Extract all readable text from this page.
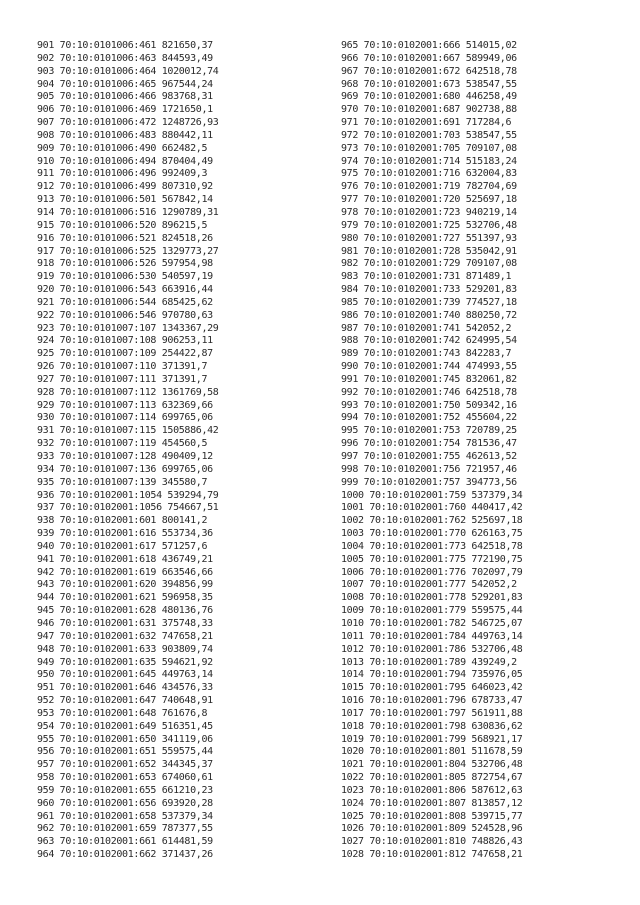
901 70:10:0101006:461 821650,37
902 70:10:0101006:463 844593,49
903 70:10:0101006:464 1020012,74
904 70:10:0101006:465 967544,24
905 70:10:0101006:466 983768,31
906 70:10:0101006:469 1721650,1
907 70:10:0101006:472 1248726,93
908 70:10:0101006:483 880442,11
909 70:10:0101006:490 662482,5
910 70:10:0101006:494 870404,49
911 70:10:0101006:496 992409,3
912 70:10:0101006:499 807310,92
913 70:10:0101006:501 567842,14
914 70:10:0101006:516 1290789,31
915 70:10:0101006:520 896215,5
916 70:10:0101006:521 824518,26
917 70:10:0101006:525 1329773,27
918 70:10:0101006:526 597954,98
919 70:10:0101006:530 540597,19
920 70:10:0101006:543 663916,44
921 70:10:0101006:544 685425,62
922 70:10:0101006:546 970780,63
923 70:10:0101007:107 1343367,29
924 70:10:0101007:108 906253,11
925 70:10:0101007:109 254422,87
926 70:10:0101007:110 371391,7
927 70:10:0101007:111 371391,7
928 70:10:0101007:112 1361769,58
929 70:10:0101007:113 632369,66
930 70:10:0101007:114 699765,06
931 70:10:0101007:115 1505886,42
932 70:10:0101007:119 454560,5
933 70:10:0101007:128 490409,12
934 70:10:0101007:136 699765,06
935 70:10:0101007:139 345580,7
936 70:10:0102001:1054 539294,79
937 70:10:0102001:1056 754667,51
938 70:10:0102001:601 800141,2
939 70:10:0102001:616 553734,36
940 70:10:0102001:617 571257,6
941 70:10:0102001:618 436749,21
942 70:10:0102001:619 663546,66
943 70:10:0102001:620 394856,99
944 70:10:0102001:621 596958,35
945 70:10:0102001:628 480136,76
946 70:10:0102001:631 375748,33
947 70:10:0102001:632 747658,21
948 70:10:0102001:633 903809,74
949 70:10:0102001:635 594621,92
950 70:10:0102001:645 449763,14
951 70:10:0102001:646 434576,33
952 70:10:0102001:647 740648,91
953 70:10:0102001:648 761676,8
954 70:10:0102001:649 516351,45
955 70:10:0102001:650 341119,06
956 70:10:0102001:651 559575,44
957 70:10:0102001:652 344345,37
958 70:10:0102001:653 674060,61
959 70:10:0102001:655 661210,23
960 70:10:0102001:656 693920,28
961 70:10:0102001:658 537379,34
962 70:10:0102001:659 787377,55
963 70:10:0102001:661 614481,59
964 70:10:0102001:662 371437,26
965 70:10:0102001:666 514015,02
966 70:10:0102001:667 589949,06
967 70:10:0102001:672 642518,78
968 70:10:0102001:673 538547,55
969 70:10:0102001:680 446258,49
970 70:10:0102001:687 902738,88
971 70:10:0102001:691 717284,6
972 70:10:0102001:703 538547,55
973 70:10:0102001:705 709107,08
974 70:10:0102001:714 515183,24
975 70:10:0102001:716 632004,83
976 70:10:0102001:719 782704,69
977 70:10:0102001:720 525697,18
978 70:10:0102001:723 940219,14
979 70:10:0102001:725 532706,48
980 70:10:0102001:727 551397,93
981 70:10:0102001:728 535042,91
982 70:10:0102001:729 709107,08
983 70:10:0102001:731 871489,1
984 70:10:0102001:733 529201,83
985 70:10:0102001:739 774527,18
986 70:10:0102001:740 880250,72
987 70:10:0102001:741 542052,2
988 70:10:0102001:742 624995,54
989 70:10:0102001:743 842283,7
990 70:10:0102001:744 474993,55
991 70:10:0102001:745 832061,82
992 70:10:0102001:746 642518,78
993 70:10:0102001:750 509342,16
994 70:10:0102001:752 455604,22
995 70:10:0102001:753 720789,25
996 70:10:0102001:754 781536,47
997 70:10:0102001:755 462613,52
998 70:10:0102001:756 721957,46
999 70:10:0102001:757 394773,56
1000 70:10:0102001:759 537379,34
1001 70:10:0102001:760 440417,42
1002 70:10:0102001:762 525697,18
1003 70:10:0102001:770 626163,75
1004 70:10:0102001:773 642518,78
1005 70:10:0102001:775 772190,75
1006 70:10:0102001:776 702097,79
1007 70:10:0102001:777 542052,2
1008 70:10:0102001:778 529201,83
1009 70:10:0102001:779 559575,44
1010 70:10:0102001:782 546725,07
1011 70:10:0102001:784 449763,14
1012 70:10:0102001:786 532706,48
1013 70:10:0102001:789 439249,2
1014 70:10:0102001:794 735976,05
1015 70:10:0102001:795 646023,42
1016 70:10:0102001:796 678733,47
1017 70:10:0102001:797 561911,88
1018 70:10:0102001:798 630836,62
1019 70:10:0102001:799 568921,17
1020 70:10:0102001:801 511678,59
1021 70:10:0102001:804 532706,48
1022 70:10:0102001:805 872754,67
1023 70:10:0102001:806 587612,63
1024 70:10:0102001:807 813857,12
1025 70:10:0102001:808 539715,77
1026 70:10:0102001:809 524528,96
1027 70:10:0102001:810 748826,43
1028 70:10:0102001:812 747658,21
